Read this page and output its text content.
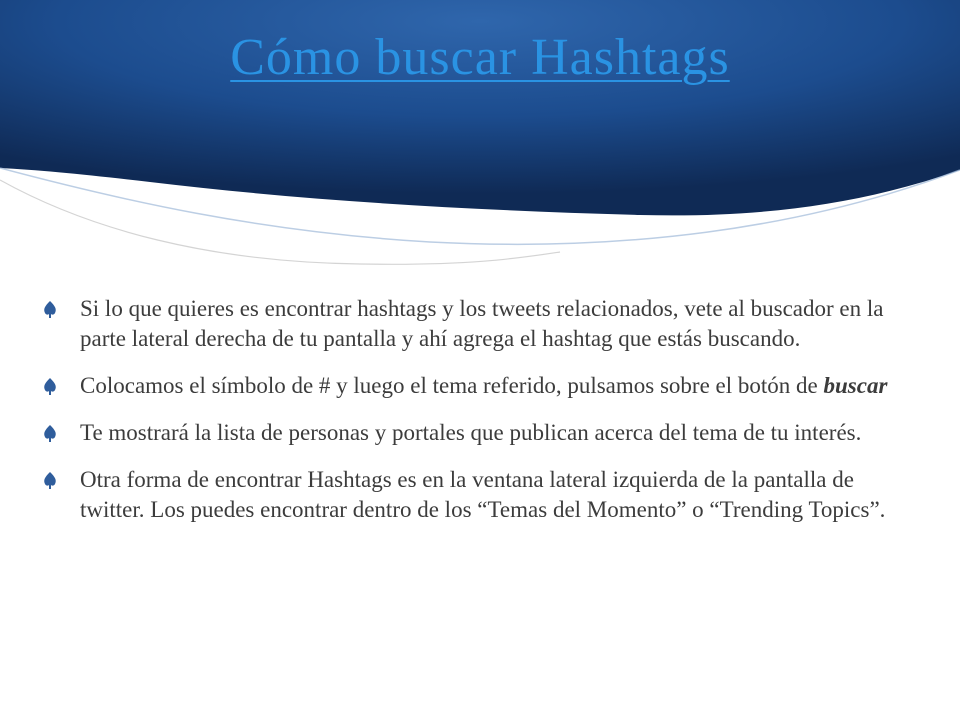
Cómo buscar Hashtags
Si lo que quieres es encontrar hashtags y los tweets relacionados, vete al buscador en la parte lateral derecha de tu pantalla y ahí agrega el hashtag que estás buscando.
Colocamos el símbolo de # y luego el tema referido, pulsamos sobre el botón de buscar
Te mostrará la lista de personas y portales que publican acerca del tema de tu interés.
Otra forma de encontrar Hashtags es en la ventana lateral izquierda de la pantalla de twitter. Los puedes encontrar dentro de los “Temas del Momento” o “Trending Topics”.
